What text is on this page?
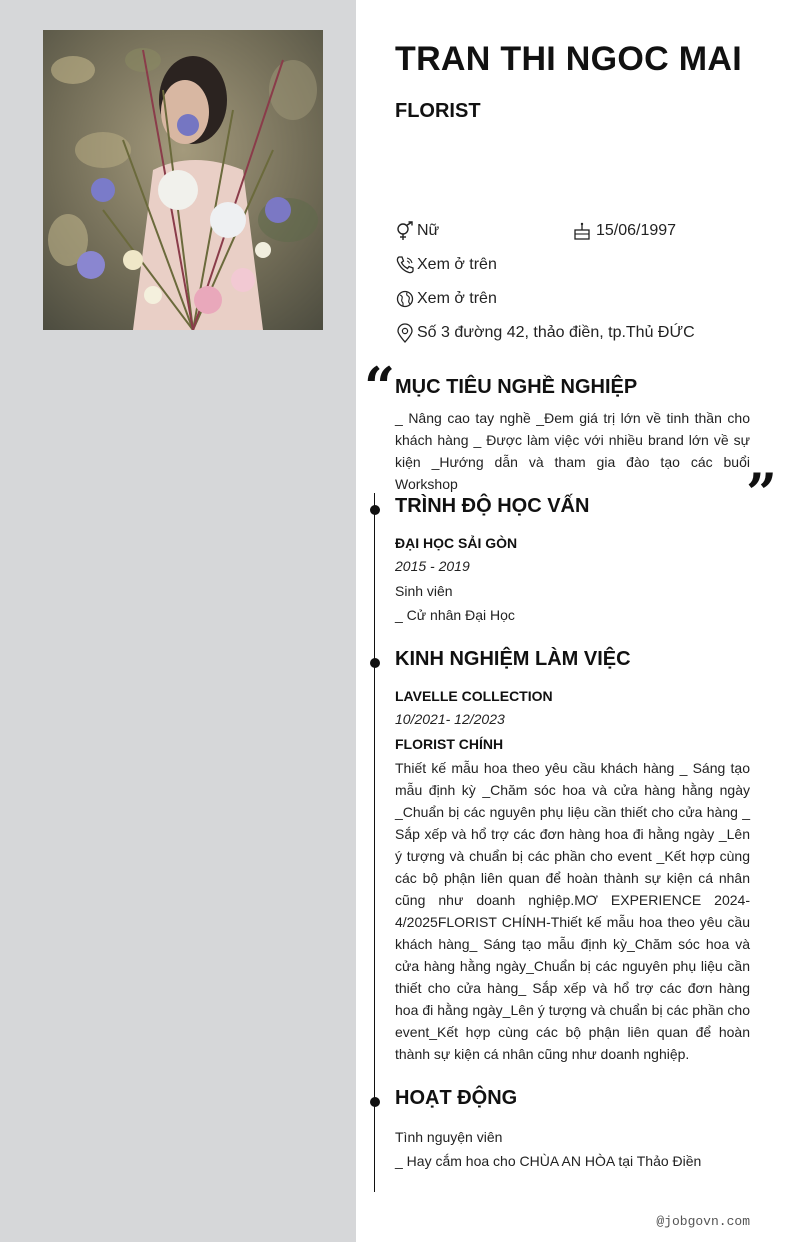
TRAN THI NGOC MAI
FLORIST
Nữ	15/06/1997
Xem ở trên
Xem ở trên
Số 3 đường 42, thảo điền, tp.Thủ ĐỨC
“ MỤC TIÊU NGHỀ NGHIỆP
_ Nâng cao tay nghề _Đem giá trị lớn về tinh thần cho khách hàng _ Được làm việc với nhiều brand lớn về sự kiện _Hướng dẫn và tham gia đào tạo các buổi Workshop	”
TRÌNH ĐỘ HỌC VẤN
ĐẠI HỌC SẢI GÒN
2015 - 2019
Sinh viên
_ Cử nhân Đại Học
KINH NGHIỆM LÀM VIỆC
LAVELLE COLLECTION
10/2021- 12/2023
FLORIST CHÍNH
Thiết kế mẫu hoa theo yêu cầu khách hàng _ Sáng tạo mẫu định kỳ _Chăm sóc hoa và cửa hàng hằng ngày _Chuẩn bị các nguyên phụ liệu cần thiết cho cửa hàng _ Sắp xếp và hổ trợ các đơn hàng hoa đi hằng ngày _Lên ý tượng và chuẩn bị các phần cho event _Kết hợp cùng các bộ phận liên quan để hoàn thành sự kiện cá nhân cũng như doanh nghiệp.MƠ EXPERIENCE 2024-4/2025FLORIST CHÍNH-Thiết kế mẫu hoa theo yêu cầu khách hàng_ Sáng tạo mẫu định kỳ_Chăm sóc hoa và cửa hàng hằng ngày_Chuẩn bị các nguyên phụ liệu cần thiết cho cửa hàng_ Sắp xếp và hổ trợ các đơn hàng hoa đi hằng ngày_Lên ý tượng và chuẩn bị các phần cho event_Kết hợp cùng các bộ phận liên quan để hoàn thành sự kiện cá nhân cũng như doanh nghiệp.
HOẠT ĐỘNG
Tình nguyện viên
_ Hay cắm hoa cho CHÙA AN HÒA tại Thảo Điền
@jobgovn.com
